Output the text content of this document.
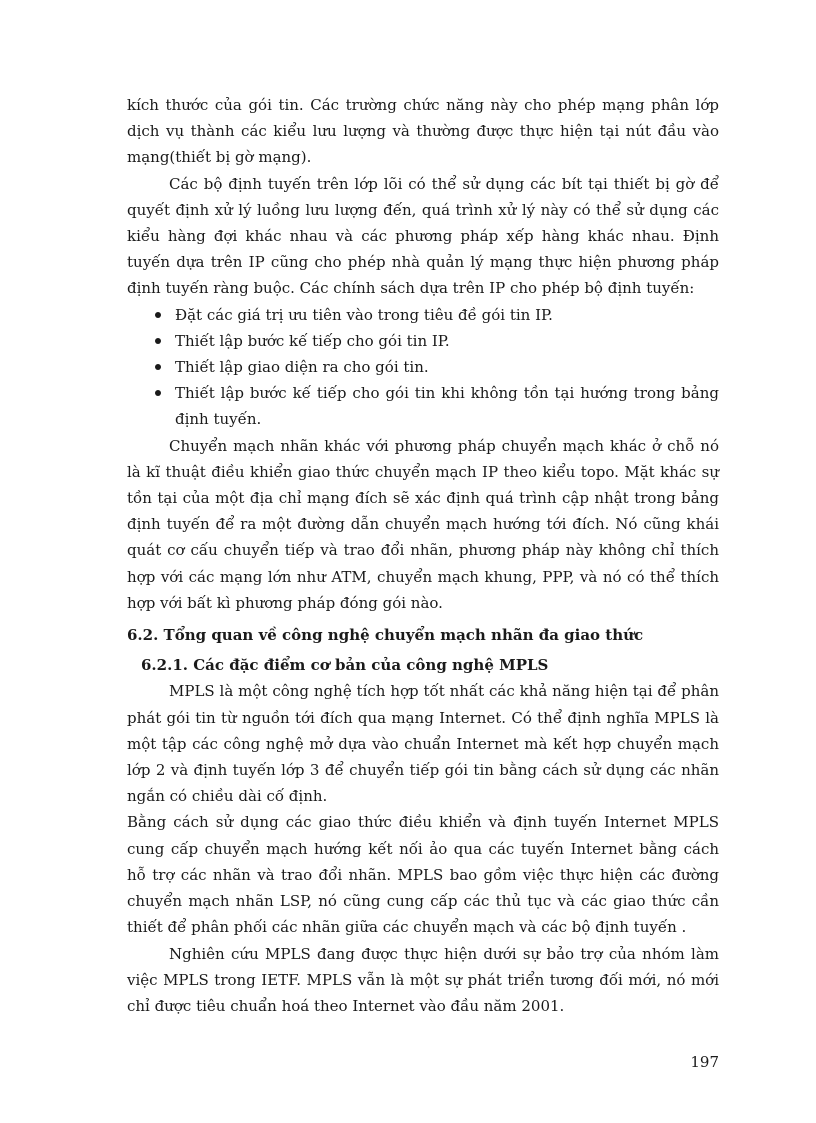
kích thước của gói tin. Các trường chức năng này cho phép mạng phân lớp dịch vụ thành các kiểu lưu lượng và thường được thực hiện tại nút đầu vào mạng(thiết bị gờ mạng).

Các bộ định tuyến trên lớp lõi có thể sử dụng các bít tại thiết bị gờ để quyết định xử lý luồng lưu lượng đến, quá trình xử lý này có thể sử dụng các kiểu hàng đợi khác nhau và các phương pháp xếp hàng khác nhau. Định tuyến dựa trên IP cũng cho phép nhà quản lý mạng thực hiện phương pháp định tuyến ràng buộc. Các chính sách dựa trên IP cho phép bộ định tuyến:

Đặt các giá trị ưu tiên vào trong tiêu đề gói tin IP.
Thiết lập bước kế tiếp cho gói tin IP.
Thiết lập giao diện ra cho gói tin.
Thiết lập bước kế tiếp cho gói tin khi không tồn tại hướng trong bảng định tuyến.

Chuyển mạch nhãn khác với phương pháp chuyển mạch khác ở chỗ nó là kĩ thuật điều khiển giao thức chuyển mạch IP theo kiểu topo. Mặt khác sự tồn tại của một địa chỉ mạng đích sẽ xác định quá trình cập nhật trong bảng định tuyến để ra một đường dẫn chuyển mạch hướng tới đích. Nó cũng khái quát cơ cấu chuyển tiếp và trao đổi nhãn, phương pháp này không chỉ thích hợp với các mạng lớn như ATM, chuyển mạch khung, PPP, và nó có thể thích hợp với bất kì phương pháp đóng gói nào.

6.2. Tổng quan về công nghệ chuyển mạch nhãn đa giao thức
6.2.1. Các đặc điểm cơ bản của công nghệ MPLS

MPLS là một công nghệ tích hợp tốt nhất các khả năng hiện tại để phân phát gói tin từ nguồn tới đích qua mạng Internet. Có thể định nghĩa MPLS là một tập các công nghệ mở dựa vào chuẩn Internet mà kết hợp chuyển mạch lớp 2 và định tuyến lớp 3 để chuyển tiếp gói tin bằng cách sử dụng các nhãn ngắn có chiều dài cố định.

Bằng cách sử dụng các giao thức điều khiển và định tuyến Internet MPLS cung cấp chuyển mạch hướng kết nối ảo qua các tuyến Internet bằng cách hỗ trợ các nhãn và trao đổi nhãn. MPLS bao gồm việc thực hiện các đường chuyển mạch nhãn LSP, nó cũng cung cấp các thủ tục và các giao thức cần thiết để phân phối các nhãn giữa các chuyển mạch và các bộ định tuyến .

Nghiên cứu MPLS đang được thực hiện dưới sự bảo trợ của nhóm làm việc MPLS trong IETF. MPLS vẫn là một sự phát triển tương đối mới, nó mới chỉ được tiêu chuẩn hoá theo Internet vào đầu năm 2001.

197
